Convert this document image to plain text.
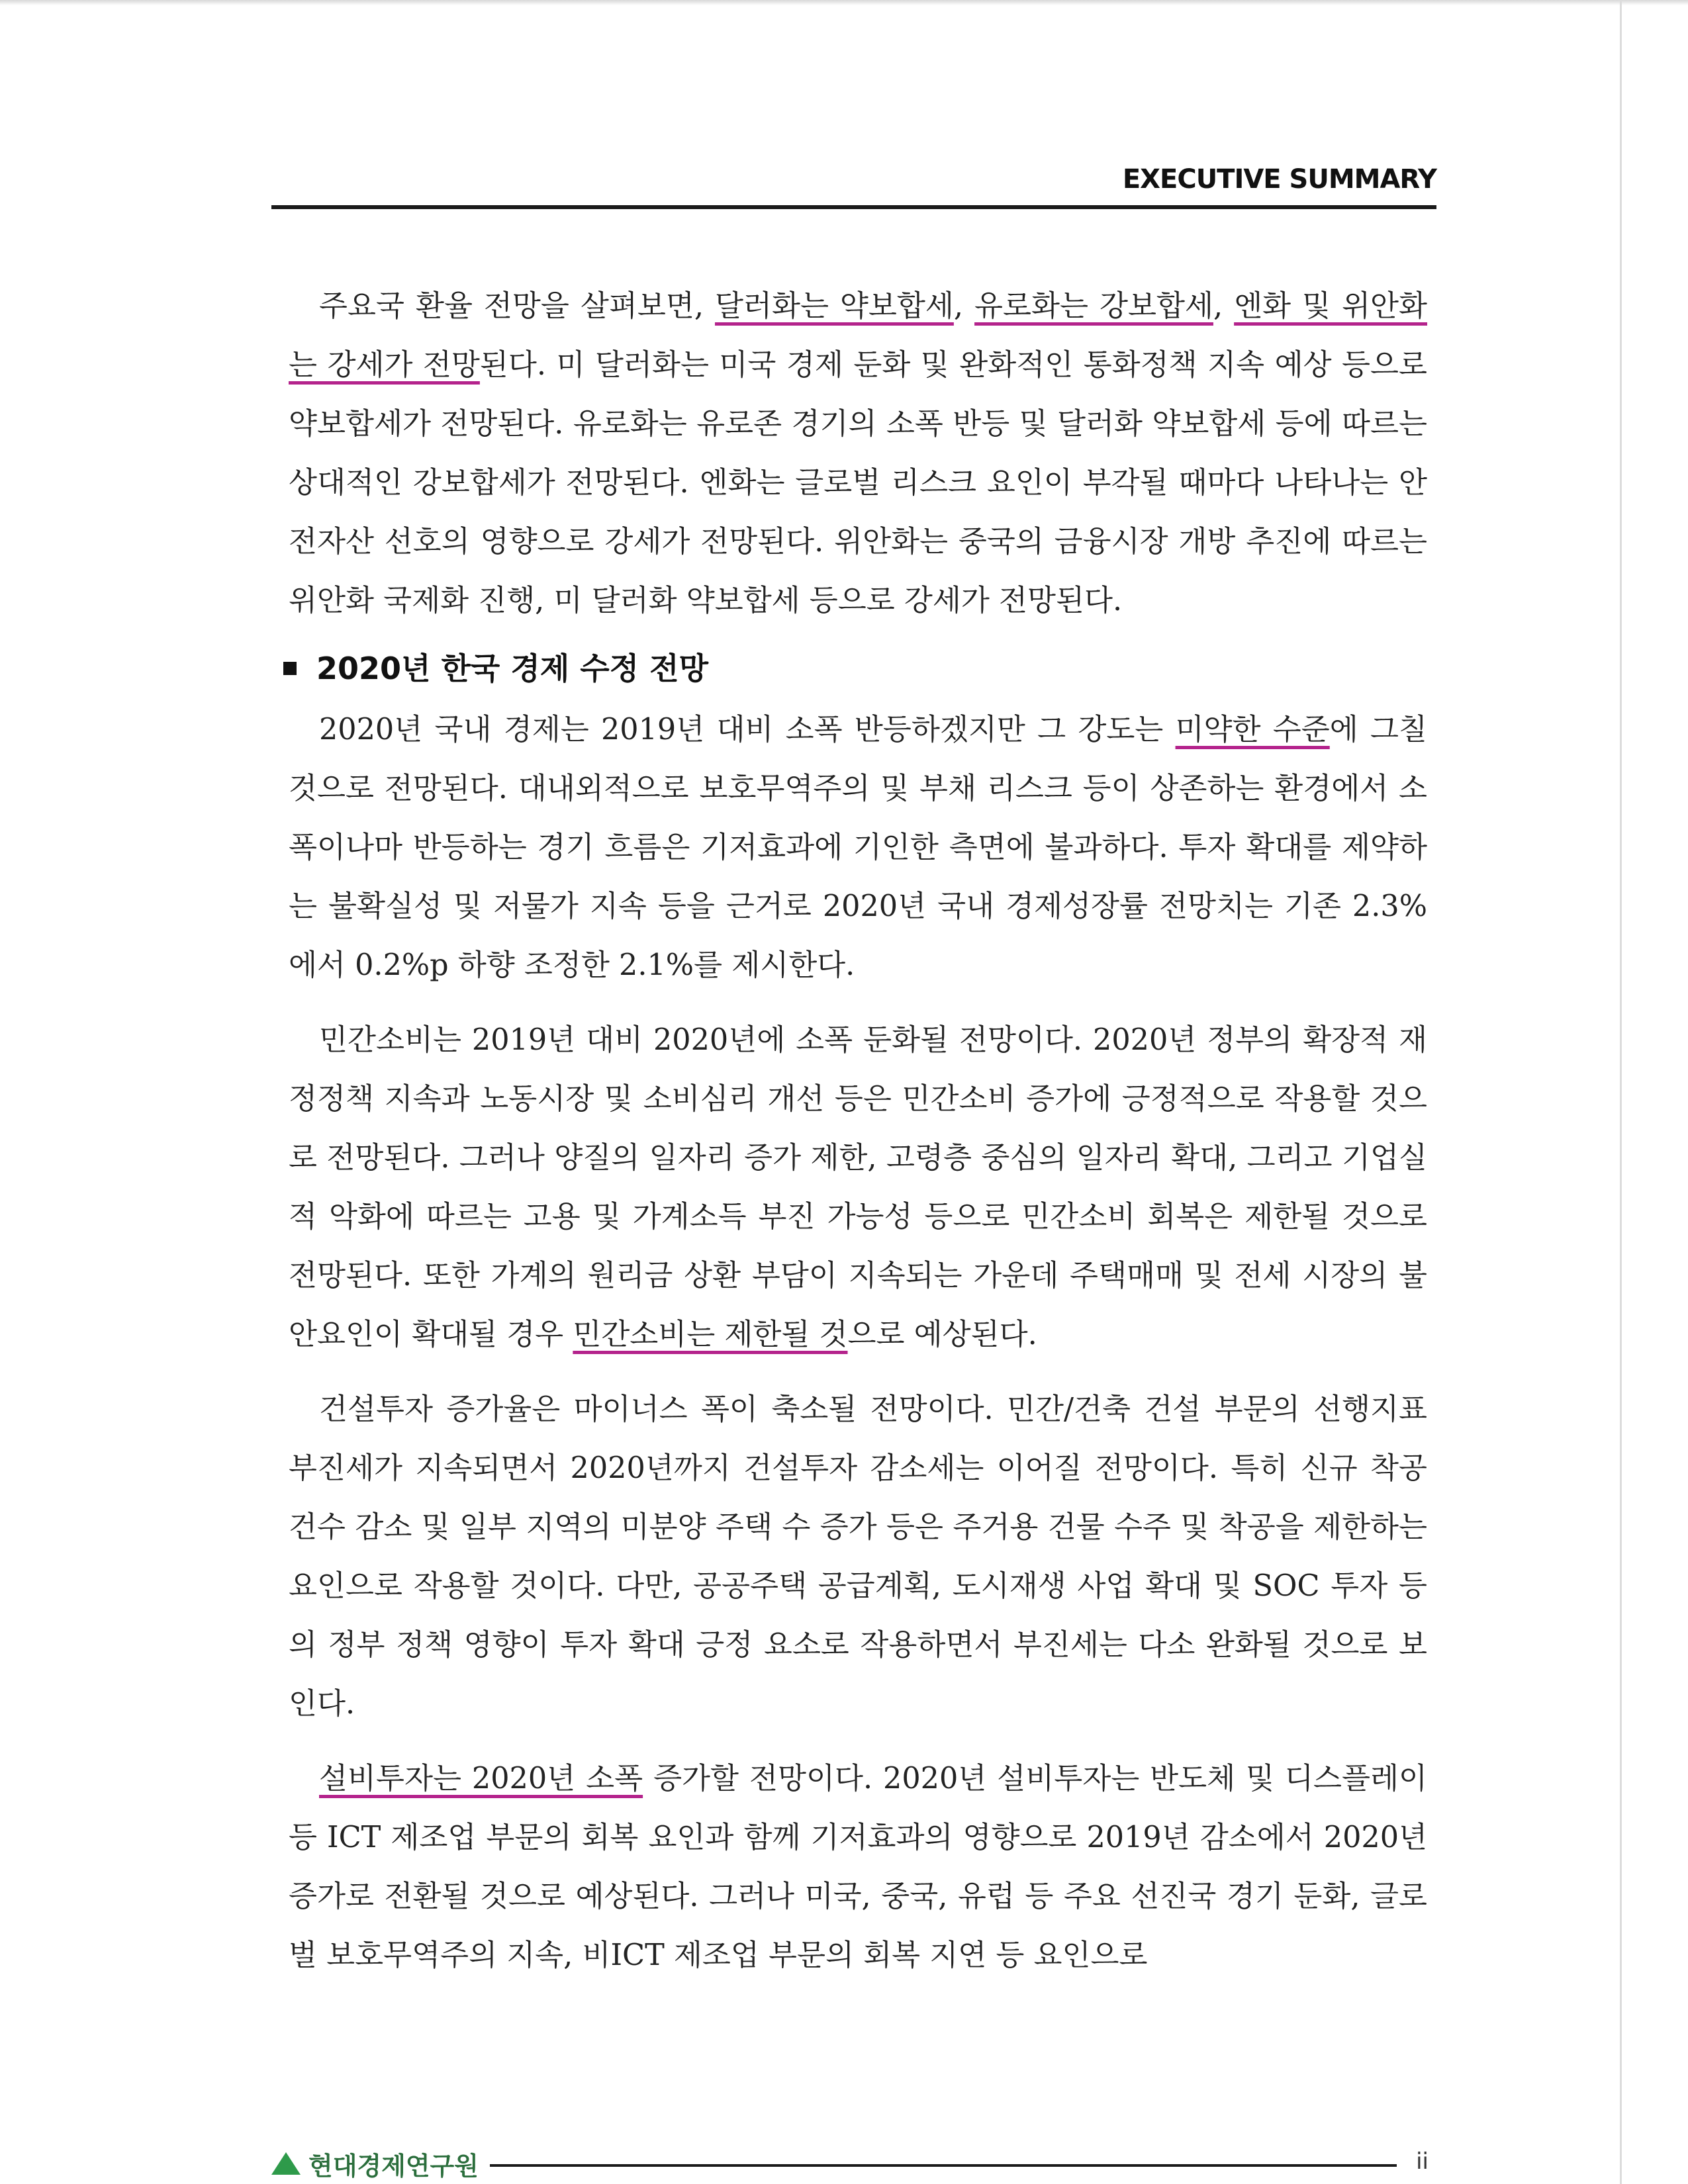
EXECUTIVE SUMMARY

주요국 환율 전망을 살펴보면, 달러화는 약보합세, 유로화는 강보합세, 엔화 및 위안화는 강세가 전망된다. 미 달러화는 미국 경제 둔화 및 완화적인 통화정책 지속 예상 등으로 약보합세가 전망된다. 유로화는 유로존 경기의 소폭 반등 및 달러화 약보합세 등에 따르는 상대적인 강보합세가 전망된다. 엔화는 글로벌 리스크 요인이 부각될 때마다 나타나는 안전자산 선호의 영향으로 강세가 전망된다. 위안화는 중국의 금융시장 개방 추진에 따르는 위안화 국제화 진행, 미 달러화 약보합세 등으로 강세가 전망된다.

2020년 한국 경제 수정 전망

2020년 국내 경제는 2019년 대비 소폭 반등하겠지만 그 강도는 미약한 수준에 그칠 것으로 전망된다. 대내외적으로 보호무역주의 및 부채 리스크 등이 상존하는 환경에서 소폭이나마 반등하는 경기 흐름은 기저효과에 기인한 측면에 불과하다. 투자 확대를 제약하는 불확실성 및 저물가 지속 등을 근거로 2020년 국내 경제성장률 전망치는 기존 2.3%에서 0.2%p 하향 조정한 2.1%를 제시한다.

민간소비는 2019년 대비 2020년에 소폭 둔화될 전망이다. 2020년 정부의 확장적 재정정책 지속과 노동시장 및 소비심리 개선 등은 민간소비 증가에 긍정적으로 작용할 것으로 전망된다. 그러나 양질의 일자리 증가 제한, 고령층 중심의 일자리 확대, 그리고 기업실적 악화에 따르는 고용 및 가계소득 부진 가능성 등으로 민간소비 회복은 제한될 것으로 전망된다. 또한 가계의 원리금 상환 부담이 지속되는 가운데 주택매매 및 전세 시장의 불안요인이 확대될 경우 민간소비는 제한될 것으로 예상된다.

건설투자 증가율은 마이너스 폭이 축소될 전망이다. 민간/건축 건설 부문의 선행지표 부진세가 지속되면서 2020년까지 건설투자 감소세는 이어질 전망이다. 특히 신규 착공 건수 감소 및 일부 지역의 미분양 주택 수 증가 등은 주거용 건물 수주 및 착공을 제한하는 요인으로 작용할 것이다. 다만, 공공주택 공급계획, 도시재생 사업 확대 및 SOC 투자 등의 정부 정책 영향이 투자 확대 긍정 요소로 작용하면서 부진세는 다소 완화될 것으로 보인다.

설비투자는 2020년 소폭 증가할 전망이다. 2020년 설비투자는 반도체 및 디스플레이 등 ICT 제조업 부문의 회복 요인과 함께 기저효과의 영향으로 2019년 감소에서 2020년 증가로 전환될 것으로 예상된다. 그러나 미국, 중국, 유럽 등 주요 선진국 경기 둔화, 글로벌 보호무역주의 지속, 비ICT 제조업 부문의 회복 지연 등 요인으로

현대경제연구원	ii
